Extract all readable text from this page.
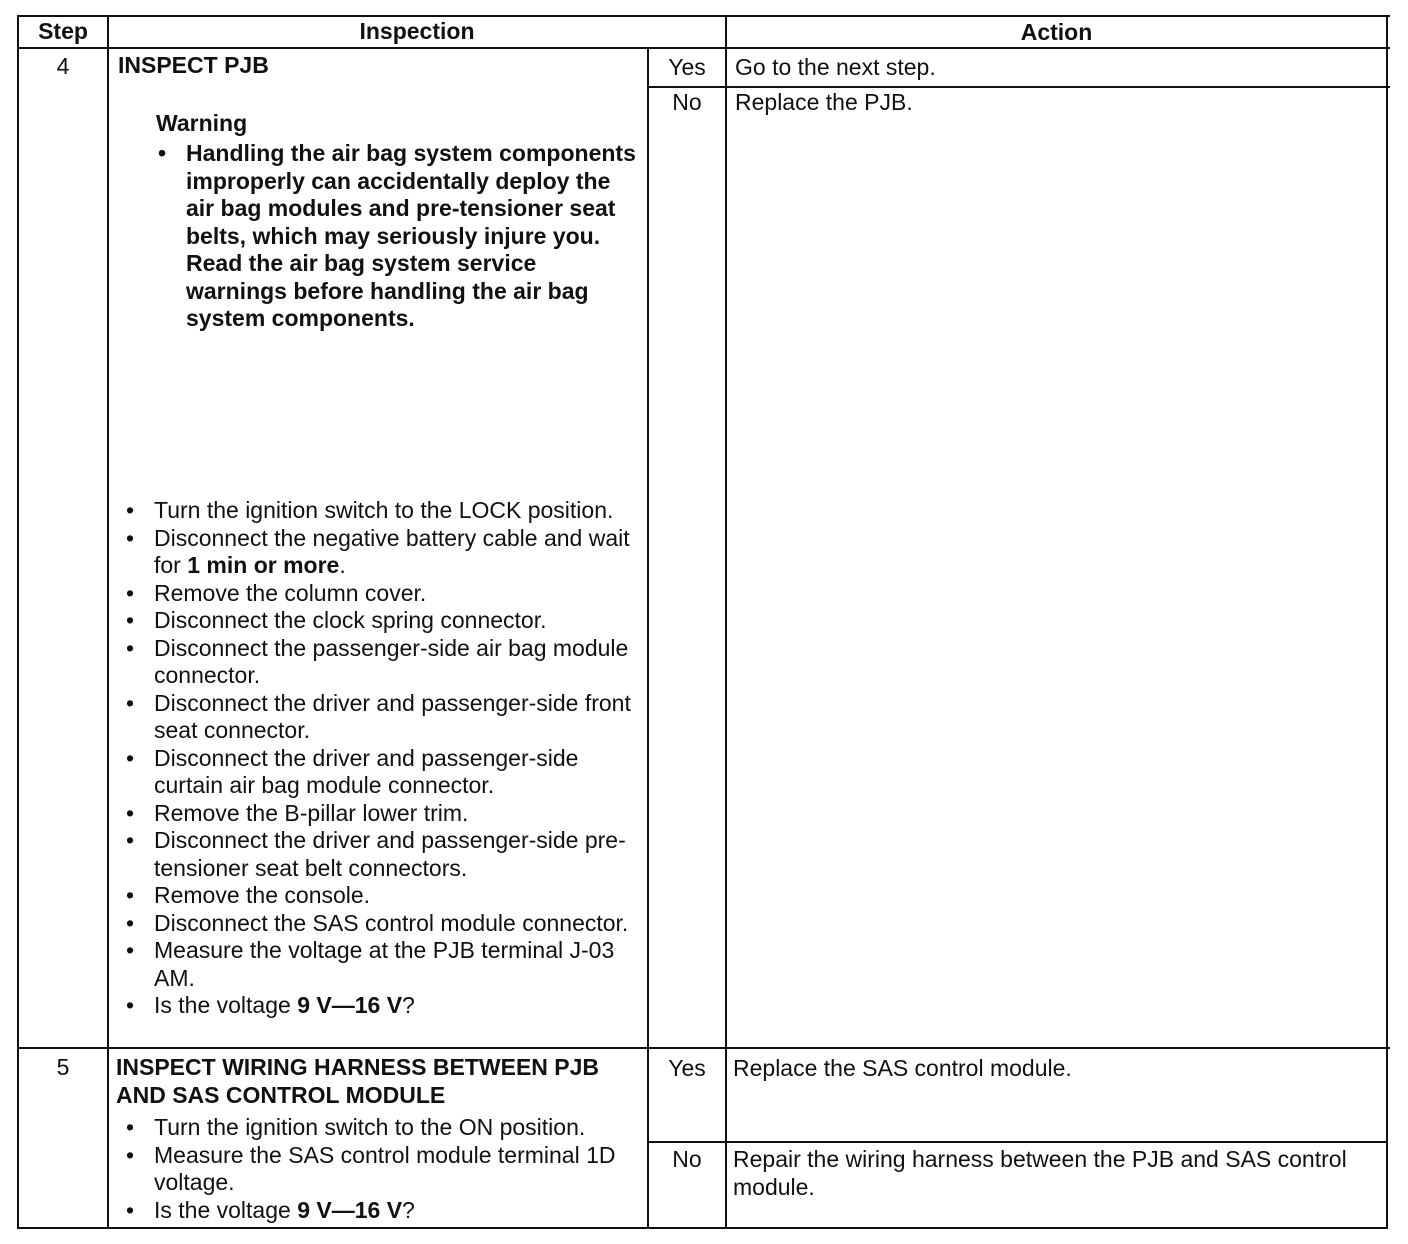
Step	Inspection	Action
4	INSPECT PJB
Warning
• Handling the air bag system components improperly can accidentally deploy the air bag modules and pre-tensioner seat belts, which may seriously injure you. Read the air bag system service warnings before handling the air bag system components.
• Turn the ignition switch to the LOCK position.
• Disconnect the negative battery cable and wait for 1 min or more.
• Remove the column cover.
• Disconnect the clock spring connector.
• Disconnect the passenger-side air bag module connector.
• Disconnect the driver and passenger-side front seat connector.
• Disconnect the driver and passenger-side curtain air bag module connector.
• Remove the B-pillar lower trim.
• Disconnect the driver and passenger-side pre-tensioner seat belt connectors.
• Remove the console.
• Disconnect the SAS control module connector.
• Measure the voltage at the PJB terminal J-03 AM.
• Is the voltage 9 V—16 V?
Yes	Go to the next step.
No	Replace the PJB.
5	INSPECT WIRING HARNESS BETWEEN PJB AND SAS CONTROL MODULE
• Turn the ignition switch to the ON position.
• Measure the SAS control module terminal 1D voltage.
• Is the voltage 9 V—16 V?
Yes	Replace the SAS control module.
No	Repair the wiring harness between the PJB and SAS control module.
